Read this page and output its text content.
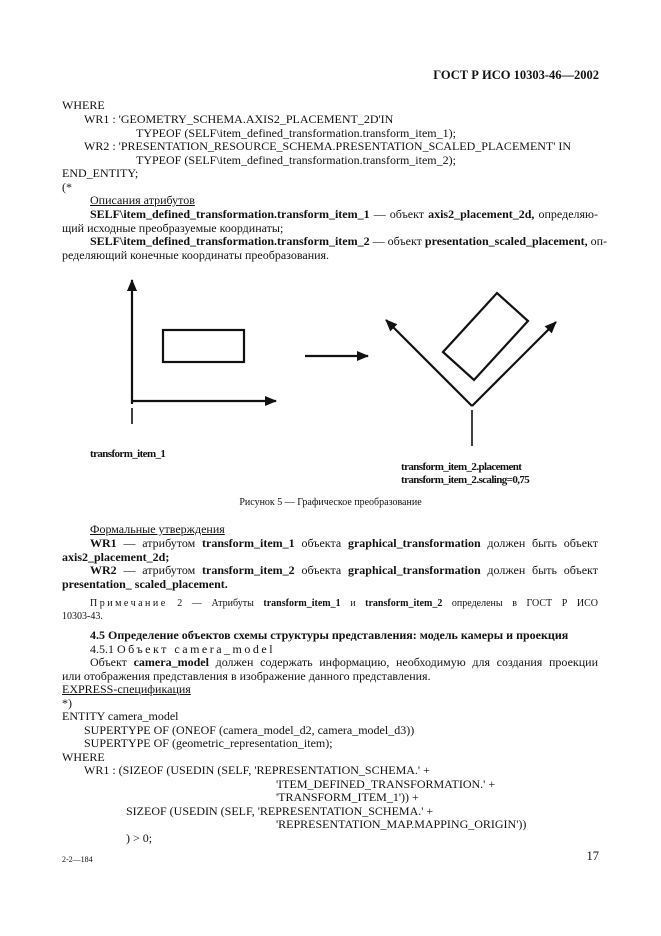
ГОСТ Р ИСО 10303-46—2002
WHERE
WR1 : 'GEOMETRY_SCHEMA.AXIS2_PLACEMENT_2D'IN
TYPEOF (SELF\item_defined_transformation.transform_item_1);
WR2 : 'PRESENTATION_RESOURCE_SCHEMA.PRESENTATION_SCALED_PLACEMENT' IN
TYPEOF (SELF\item_defined_transformation.transform_item_2);
END_ENTITY;
(*
Описания атрибутов
SELF\item_defined_transformation.transform_item_1 — объект axis2_placement_2d, определяю-
щий исходные преобразуемые координаты;
SELF\item_defined_transformation.transform_item_2 — объект presentation_scaled_placement, оп-
ределяющий конечные координаты преобразования.
transform_item_1
transform_item_2.placement
transform_item_2.scaling=0,75
Рисунок 5 — Графическое преобразование
Формальные утверждения
WR1 — атрибутом transform_item_1 объекта graphical_transformation должен быть объект
axis2_placement_2d;
WR2 — атрибутом transform_item_2 объекта graphical_transformation должен быть объект
presentation_ scaled_placement.
Примечание 2 — Атрибуты transform_item_1 и transform_item_2 определены в ГОСТ Р ИСО
10303-43.
4.5 Определение объектов схемы структуры представления: модель камеры и проекция
4.5.1 Объект camera_model
Объект camera_model должен содержать информацию, необходимую для создания проекции
или отображения представления в изображение данного представления.
EXPRESS-спецификация
*)
ENTITY camera_model
SUPERTYPE OF (ONEOF (camera_model_d2, camera_model_d3))
SUPERTYPE OF (geometric_representation_item);
WHERE
WR1 : (SIZEOF (USEDIN (SELF, 'REPRESENTATION_SCHEMA.' +
'ITEM_DEFINED_TRANSFORMATION.' +
'TRANSFORM_ITEM_1')) +
SIZEOF (USEDIN (SELF, 'REPRESENTATION_SCHEMA.' +
'REPRESENTATION_MAP.MAPPING_ORIGIN'))
) > 0;
2-2—184	17
